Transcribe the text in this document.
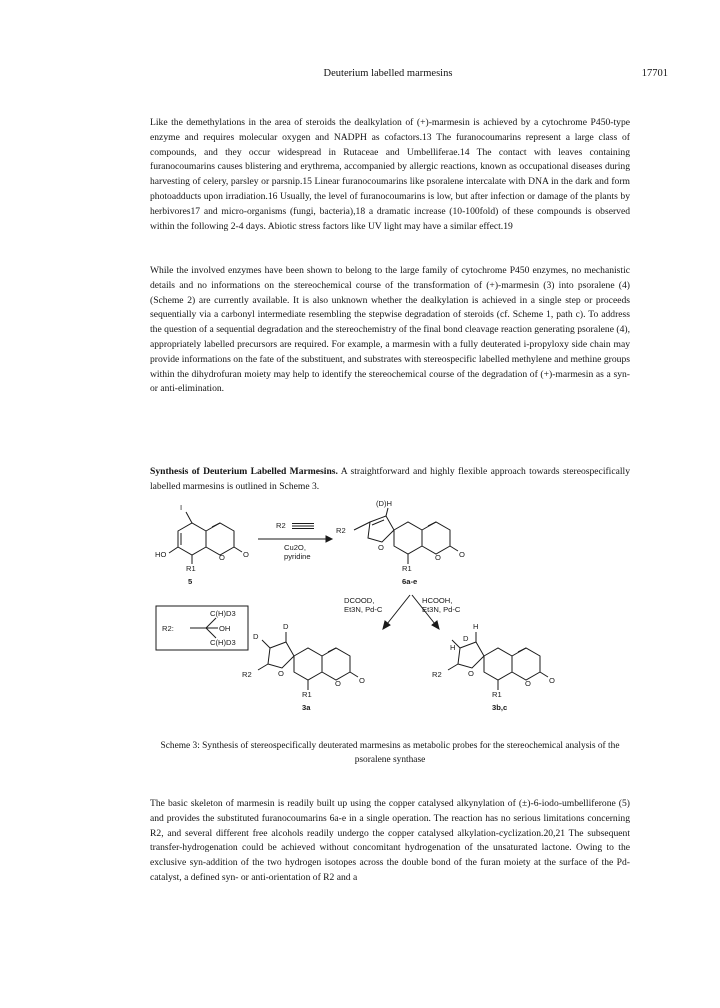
Deuterium labelled marmesins	17701

Like the demethylations in the area of steroids the dealkylation of (+)-marmesin is achieved by a cytochrome P450-type enzyme and requires molecular oxygen and NADPH as cofactors.13 The furanocoumarins represent a large class of compounds, and they occur widespread in Rutaceae and Umbelliferae.14 The contact with leaves containing furanocoumarins causes blistering and erythrema, accompanied by allergic reactions, known as occupational diseases during harvesting of celery, parsley or parsnip.15 Linear furanocoumarins like psoralene intercalate with DNA in the dark and form photoadducts upon irradiation.16 Usually, the level of furanocoumarins is low, but after infection or damage of the plants by herbivores17 and micro-organisms (fungi, bacteria),18 a dramatic increase (10-100fold) of these compounds is observed within the following 2-4 days. Abiotic stress factors like UV light may have a similar effect.19

While the involved enzymes have been shown to belong to the large family of cytochrome P450 enzymes, no mechanistic details and no informations on the stereochemical course of the transformation of (+)-marmesin (3) into psoralene (4) (Scheme 2) are currently available. It is also unknown whether the dealkylation is achieved in a single step or proceeds sequentially via a carbonyl intermediate resembling the stepwise degradation of steroids (cf. Scheme 1, path c). To address the question of a sequential degradation and the stereochemistry of the final bond cleavage reaction generating psoralene (4), appropriately labelled precursors are required. For example, a marmesin with a fully deuterated i-propyloxy side chain may provide informations on the fate of the substituent, and substrates with stereospecific labelled methylene and methine groups within the dihydrofuran moiety may help to identify the stereochemical course of the degradation of (+)-marmesin as a syn- or anti-elimination.

Synthesis of Deuterium Labelled Marmesins. A straightforward and highly flexible approach towards stereospecifically labelled marmesins is outlined in Scheme 3.

I
HO	O O
R1
5
R2
Cu2O,
pyridine
(D)H
R2
O
O O
R1
6a-e
DCOOD,
Et3N, Pd-C
HCOOH,
Et3N, Pd-C
R2:
C(H)D3
OH
C(H)D3
D
D
R2	O
O O
R1
3a
H
D
H
R2	O
O O
R1
3b,c
Scheme 3: Synthesis of stereospecifically deuterated marmesins as metabolic probes for the stereochemical analysis of the psoralene synthase

The basic skeleton of marmesin is readily built up using the copper catalysed alkynylation of (±)-6-iodo-umbelliferone (5) and provides the substituted furanocoumarins 6a-e in a single operation. The reaction has no serious limitations concerning R2, and several different free alcohols readily undergo the copper catalysed alkylation-cyclization.20,21 The subsequent transfer-hydrogenation could be achieved without concomitant hydrogenation of the unsaturated lactone. Owing to the exclusive syn-addition of the two hydrogen isotopes across the double bond of the furan moiety at the surface of the Pd-catalyst, a defined syn- or anti-orientation of R2 and a
